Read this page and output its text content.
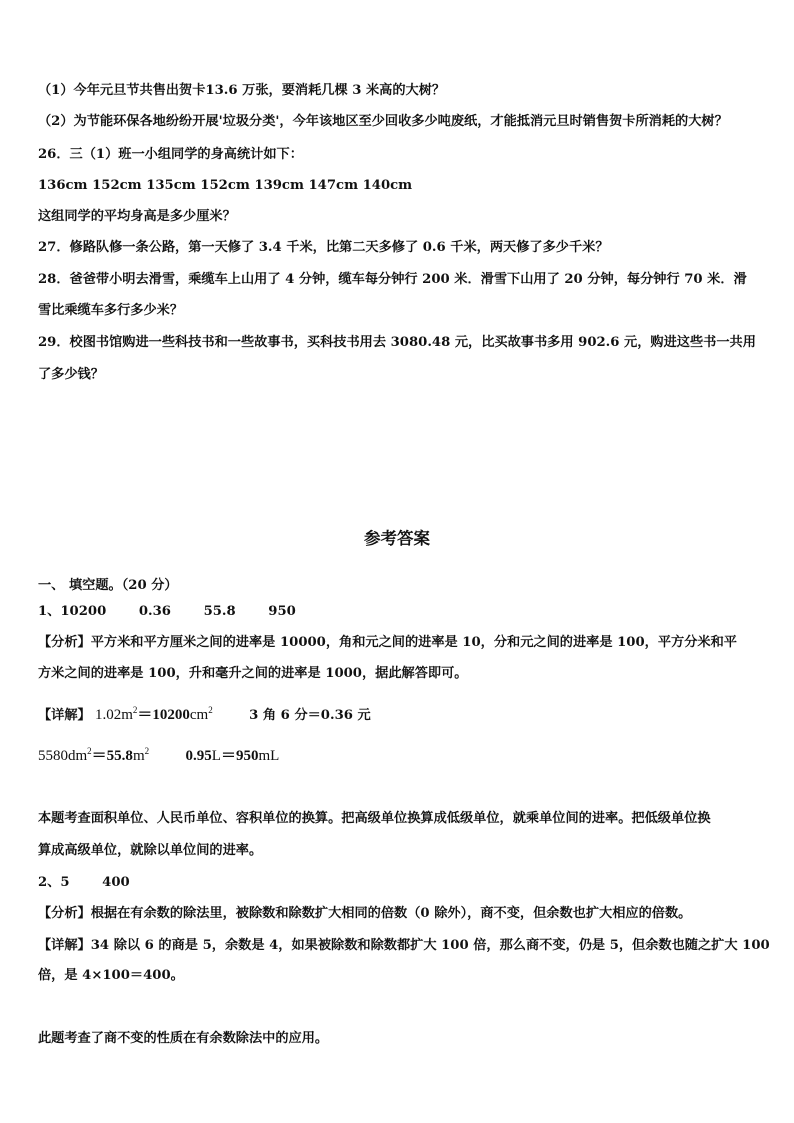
（1）今年元旦节共售出贺卡13.6 万张，要消耗几棵 3 米高的大树？
（2）为节能环保各地纷纷开展'垃圾分类'，今年该地区至少回收多少吨废纸，才能抵消元旦时销售贺卡所消耗的大树？
26．三（1）班一小组同学的身高统计如下：
136cm 152cm 135cm 152cm 139cm 147cm 140cm
这组同学的平均身高是多少厘米？
27．修路队修一条公路，第一天修了 3.4 千米，比第二天多修了 0.6 千米，两天修了多少千米？
28．爸爸带小明去滑雪，乘缆车上山用了 4 分钟，缆车每分钟行 200 米．滑雪下山用了 20 分钟，每分钟行 70 米．滑
雪比乘缆车多行多少米？
29．校图书馆购进一些科技书和一些故事书，买科技书用去 3080.48 元，比买故事书多用 902.6 元，购进这些书一共用
了多少钱？
参考答案
一、 填空题。（20 分）
1、10200 0.36 55.8 950
【分析】平方米和平方厘米之间的进率是 10000，角和元之间的进率是 10，分和元之间的进率是 100，平方分米和平
方米之间的进率是 100，升和毫升之间的进率是 1000，据此解答即可。
【详解】 $1.02m^2=10200cm^2$	3 角 6 分＝0.36 元
$5580dm^2=55.8m^2$ 0.95L＝950mL
本题考查面积单位、人民币单位、容积单位的换算。把高级单位换算成低级单位，就乘单位间的进率。把低级单位换
算成高级单位，就除以单位间的进率。
2、5 400
【分析】根据在有余数的除法里，被除数和除数扩大相同的倍数（0 除外），商不变，但余数也扩大相应的倍数。
【详解】34 除以 6 的商是 5，余数是 4，如果被除数和除数都扩大 100 倍，那么商不变，仍是 5，但余数也随之扩大 100
倍，是 4×100＝400。
此题考查了商不变的性质在有余数除法中的应用。
